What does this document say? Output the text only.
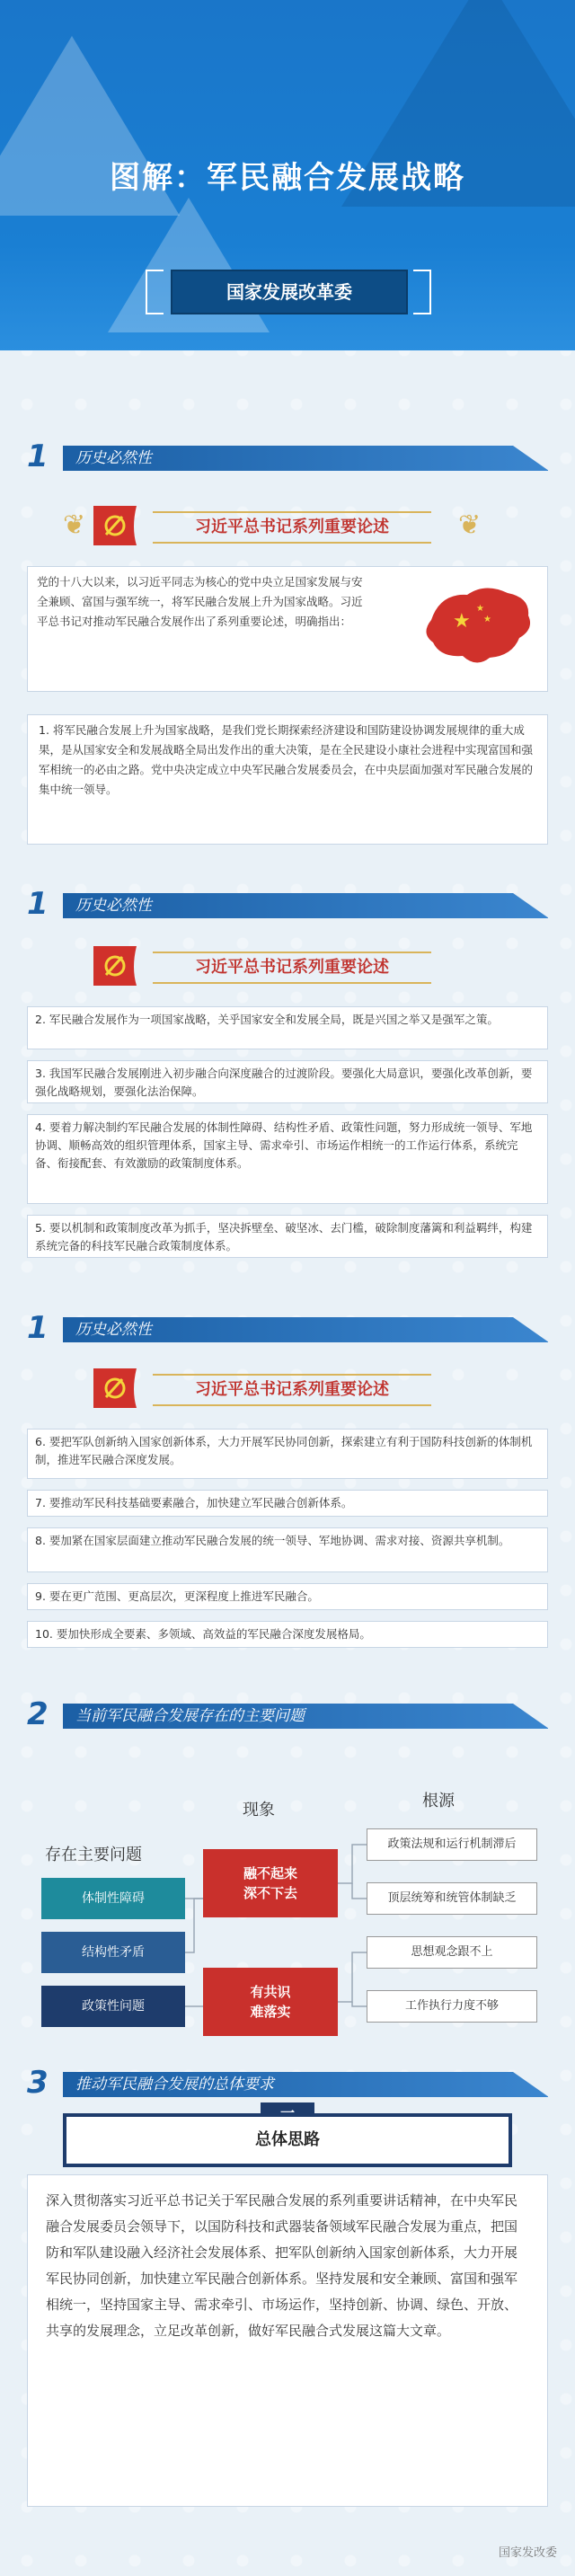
图解：军民融合发展战略
国家发展改革委
1	历史必然性
❦	习近平总书记系列重要论述	❦
党的十八大以来，以习近平同志为核心的党中央立足国家发展与安全兼顾、富国与强军统一，将军民融合发展上升为国家战略。习近平总书记对推动军民融合发展作出了系列重要论述，明确指出：	★
★
★
1. 将军民融合发展上升为国家战略，是我们党长期探索经济建设和国防建设协调发展规律的重大成果，是从国家安全和发展战略全局出发作出的重大决策，是在全民建设小康社会进程中实现富国和强军相统一的必由之路。党中央决定成立中央军民融合发展委员会，在中央层面加强对军民融合发展的集中统一领导。
1	历史必然性
习近平总书记系列重要论述
2. 军民融合发展作为一项国家战略，关乎国家安全和发展全局，既是兴国之举又是强军之策。
3. 我国军民融合发展刚进入初步融合向深度融合的过渡阶段。要强化大局意识，要强化改革创新，要强化战略规划，要强化法治保障。
4. 要着力解决制约军民融合发展的体制性障碍、结构性矛盾、政策性问题，努力形成统一领导、军地协调、顺畅高效的组织管理体系，国家主导、需求牵引、市场运作相统一的工作运行体系，系统完备、衔接配套、有效激励的政策制度体系。
5. 要以机制和政策制度改革为抓手，坚决拆壁垒、破坚冰、去门槛，破除制度藩篱和利益羁绊，构建系统完备的科技军民融合政策制度体系。
1	历史必然性
习近平总书记系列重要论述
6. 要把军队创新纳入国家创新体系，大力开展军民协同创新，探索建立有利于国防科技创新的体制机制，推进军民融合深度发展。
7. 要推动军民科技基础要素融合，加快建立军民融合创新体系。
8. 要加紧在国家层面建立推动军民融合发展的统一领导、军地协调、需求对接、资源共享机制。
9. 要在更广范围、更高层次，更深程度上推进军民融合。
10. 要加快形成全要素、多领域、高效益的军民融合深度发展格局。
2	当前军民融合发展存在的主要问题
存在主要问题
现象	根源
体制性障碍
结构性矛盾
政策性问题
融不起来
深不下去
有共识
难落实
政策法规和运行机制滞后
顶层统筹和统管体制缺乏
思想观念跟不上
工作执行力度不够
3	推动军民融合发展的总体要求
总体思路
深入贯彻落实习近平总书记关于军民融合发展的系列重要讲话精神，在中央军民融合发展委员会领导下，以国防科技和武器装备领域军民融合发展为重点，把国防和军队建设融入经济社会发展体系、把军队创新纳入国家创新体系，大力开展军民协同创新，加快建立军民融合创新体系。坚持发展和安全兼顾、富国和强军相统一，坚持国家主导、需求牵引、市场运作，坚持创新、协调、绿色、开放、共享的发展理念，立足改革创新，做好军民融合式发展这篇大文章。
国家发改委
